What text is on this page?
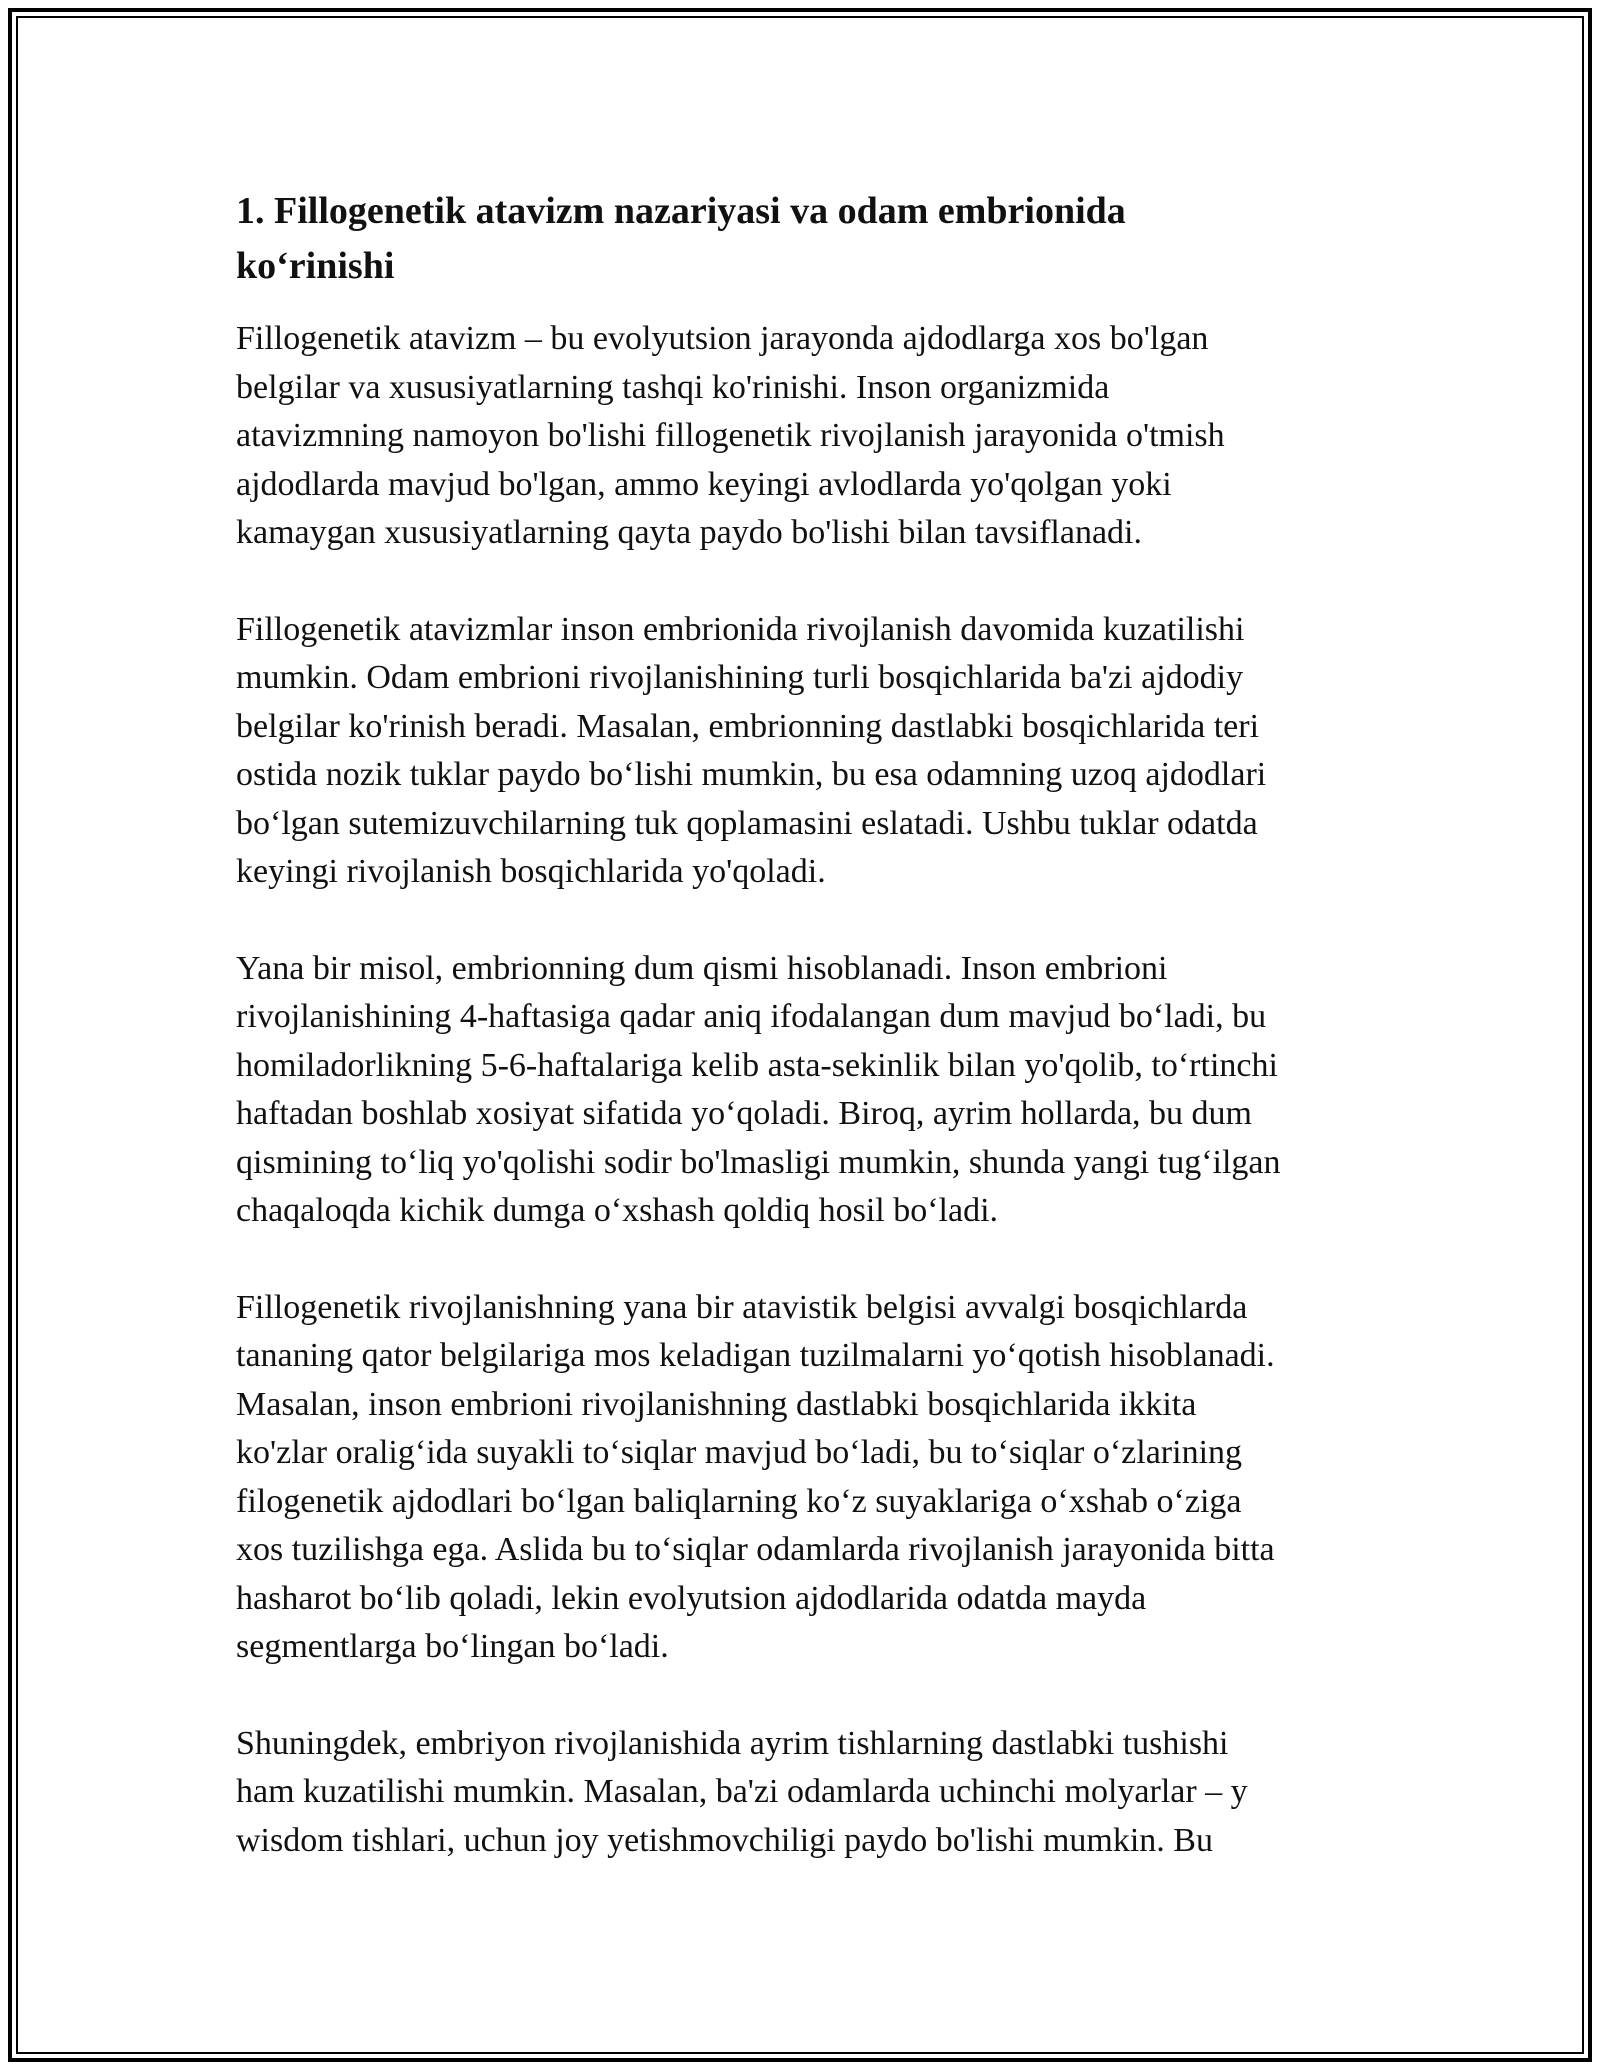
1. Fillogenetik atavizm nazariyasi va odam embrionida
ko‘rinishi

Fillogenetik atavizm – bu evolyutsion jarayonda ajdodlarga xos bo'lgan
belgilar va xususiyatlarning tashqi ko'rinishi. Inson organizmida
atavizmning namoyon bo'lishi fillogenetik rivojlanish jarayonida o'tmish
ajdodlarda mavjud bo'lgan, ammo keyingi avlodlarda yo'qolgan yoki
kamaygan xususiyatlarning qayta paydo bo'lishi bilan tavsiflanadi.

Fillogenetik atavizmlar inson embrionida rivojlanish davomida kuzatilishi
mumkin. Odam embrioni rivojlanishining turli bosqichlarida ba'zi ajdodiy
belgilar ko'rinish beradi. Masalan, embrionning dastlabki bosqichlarida teri
ostida nozik tuklar paydo bo‘lishi mumkin, bu esa odamning uzoq ajdodlari
bo‘lgan sutemizuvchilarning tuk qoplamasini eslatadi. Ushbu tuklar odatda
keyingi rivojlanish bosqichlarida yo'qoladi.

Yana bir misol, embrionning dum qismi hisoblanadi. Inson embrioni
rivojlanishining 4-haftasiga qadar aniq ifodalangan dum mavjud bo‘ladi, bu
homiladorlikning 5-6-haftalariga kelib asta-sekinlik bilan yo'qolib, to‘rtinchi
haftadan boshlab xosiyat sifatida yo‘qoladi. Biroq, ayrim hollarda, bu dum
qismining to‘liq yo'qolishi sodir bo'lmasligi mumkin, shunda yangi tug‘ilgan
chaqaloqda kichik dumga o‘xshash qoldiq hosil bo‘ladi.

Fillogenetik rivojlanishning yana bir atavistik belgisi avvalgi bosqichlarda
tananing qator belgilariga mos keladigan tuzilmalarni yo‘qotish hisoblanadi.
Masalan, inson embrioni rivojlanishning dastlabki bosqichlarida ikkita
ko'zlar oralig‘ida suyakli to‘siqlar mavjud bo‘ladi, bu to‘siqlar o‘zlarining
filogenetik ajdodlari bo‘lgan baliqlarning ko‘z suyaklariga o‘xshab o‘ziga
xos tuzilishga ega. Aslida bu to‘siqlar odamlarda rivojlanish jarayonida bitta
hasharot bo‘lib qoladi, lekin evolyutsion ajdodlarida odatda mayda
segmentlarga bo‘lingan bo‘ladi.

Shuningdek, embriyon rivojlanishida ayrim tishlarning dastlabki tushishi
ham kuzatilishi mumkin. Masalan, ba'zi odamlarda uchinchi molyarlar – y
wisdom tishlari, uchun joy yetishmovchiligi paydo bo'lishi mumkin. Bu
